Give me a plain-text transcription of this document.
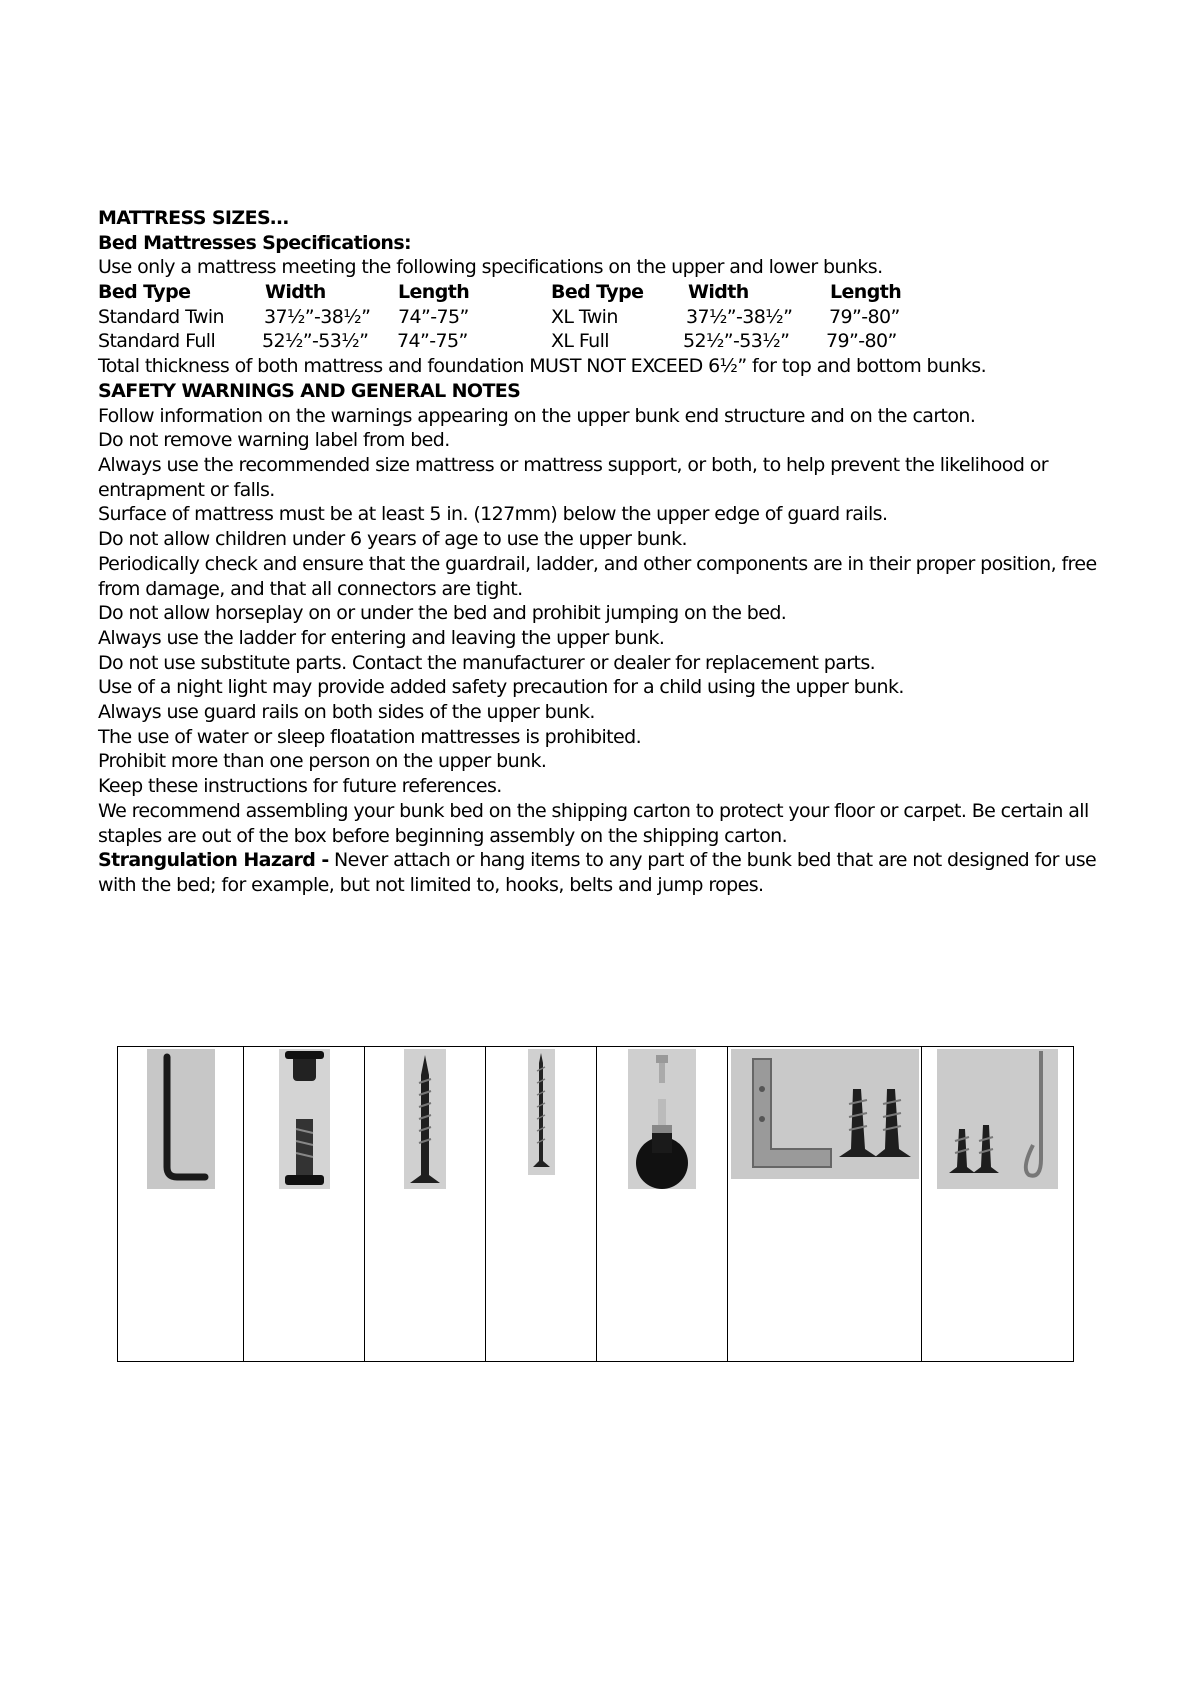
MATTRESS SIZES…
Bed Mattresses Specifications:
Use only a mattress meeting the following specifications on the upper and lower bunks.
Bed Type	Width	Length	Bed Type Width	Length
Standard Twin 37½”-38½” 74”-75”	XL Twin	37½”-38½” 79”-80”
Standard Full 52½”-53½” 74”-75”	XL Full	52½”-53½” 79”-80”
Total thickness of both mattress and foundation MUST NOT EXCEED 6½” for top and bottom bunks.
SAFETY WARNINGS AND GENERAL NOTES
Follow information on the warnings appearing on the upper bunk end structure and on the carton.
Do not remove warning label from bed.
Always use the recommended size mattress or mattress support, or both, to help prevent the likelihood or entrapment or falls.
Surface of mattress must be at least 5 in. (127mm) below the upper edge of guard rails.
Do not allow children under 6 years of age to use the upper bunk.
Periodically check and ensure that the guardrail, ladder, and other components are in their proper position, free from damage, and that all connectors are tight.
Do not allow horseplay on or under the bed and prohibit jumping on the bed.
Always use the ladder for entering and leaving the upper bunk.
Do not use substitute parts. Contact the manufacturer or dealer for replacement parts.
Use of a night light may provide added safety precaution for a child using the upper bunk.
Always use guard rails on both sides of the upper bunk.
The use of water or sleep floatation mattresses is prohibited.
Prohibit more than one person on the upper bunk.
Keep these instructions for future references.
We recommend assembling your bunk bed on the shipping carton to protect your floor or carpet. Be certain all staples are out of the box before beginning assembly on the shipping carton.
Strangulation Hazard - Never attach or hang items to any part of the bunk bed that are not designed for use with the bed; for example, but not limited to, hooks, belts and jump ropes.
